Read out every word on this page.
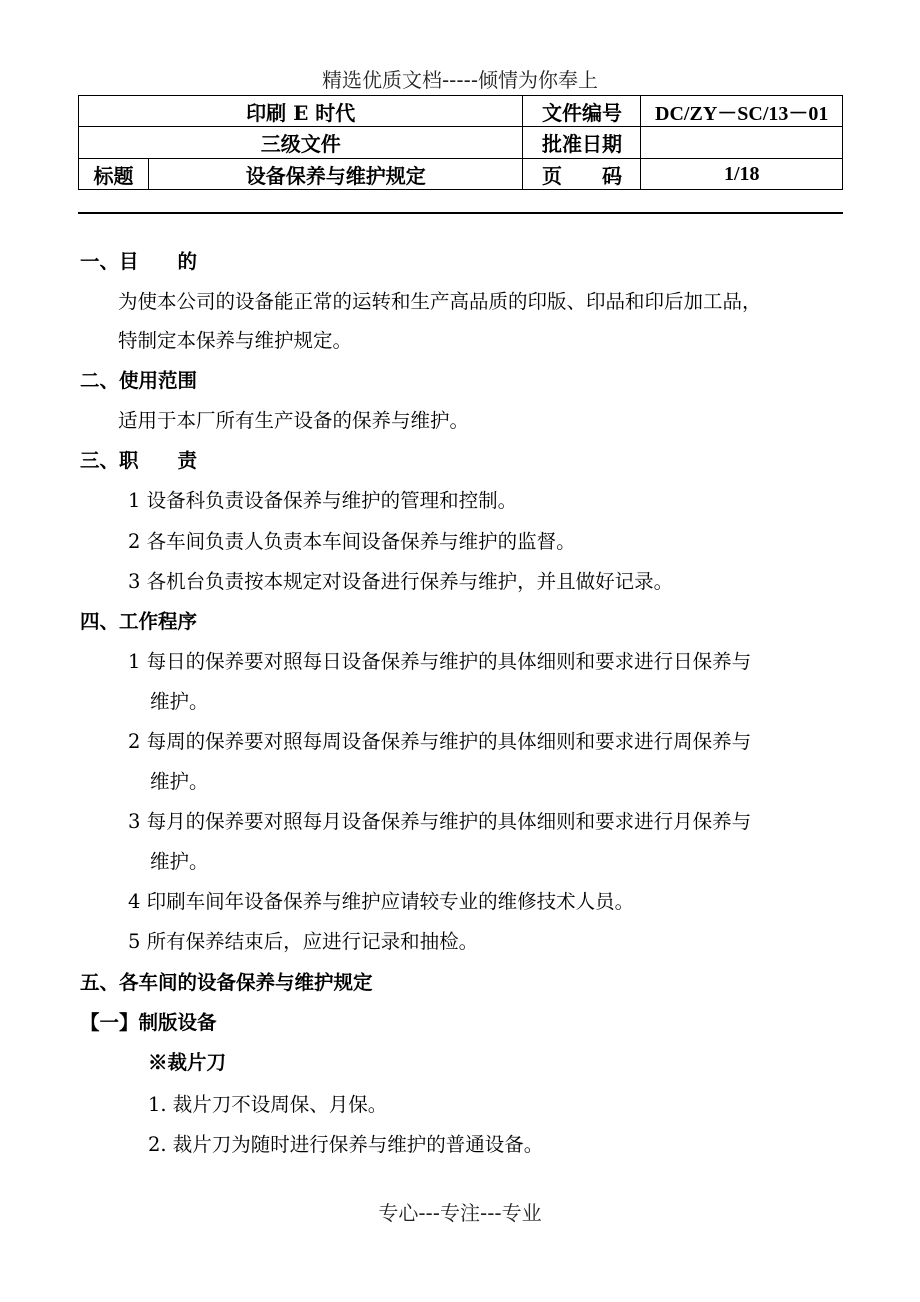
精选优质文档-----倾情为你奉上
印刷 E 时代		文件编号	DC/ZY－SC/13－01
三级文件		批准日期	
标题	设备保养与维护规定	页　　码	1/18
一、目　　的
为使本公司的设备能正常的运转和生产高品质的印版、印品和印后加工品，
特制定本保养与维护规定。
二、使用范围
适用于本厂所有生产设备的保养与维护。
三、职　　责
1 设备科负责设备保养与维护的管理和控制。
2 各车间负责人负责本车间设备保养与维护的监督。
3 各机台负责按本规定对设备进行保养与维护，并且做好记录。
四、工作程序
1 每日的保养要对照每日设备保养与维护的具体细则和要求进行日保养与
维护。
2 每周的保养要对照每周设备保养与维护的具体细则和要求进行周保养与
维护。
3 每月的保养要对照每月设备保养与维护的具体细则和要求进行月保养与
维护。
4 印刷车间年设备保养与维护应请较专业的维修技术人员。
5 所有保养结束后，应进行记录和抽检。
五、各车间的设备保养与维护规定
【一】制版设备
※裁片刀
1. 裁片刀不设周保、月保。
2. 裁片刀为随时进行保养与维护的普通设备。
专心---专注---专业
